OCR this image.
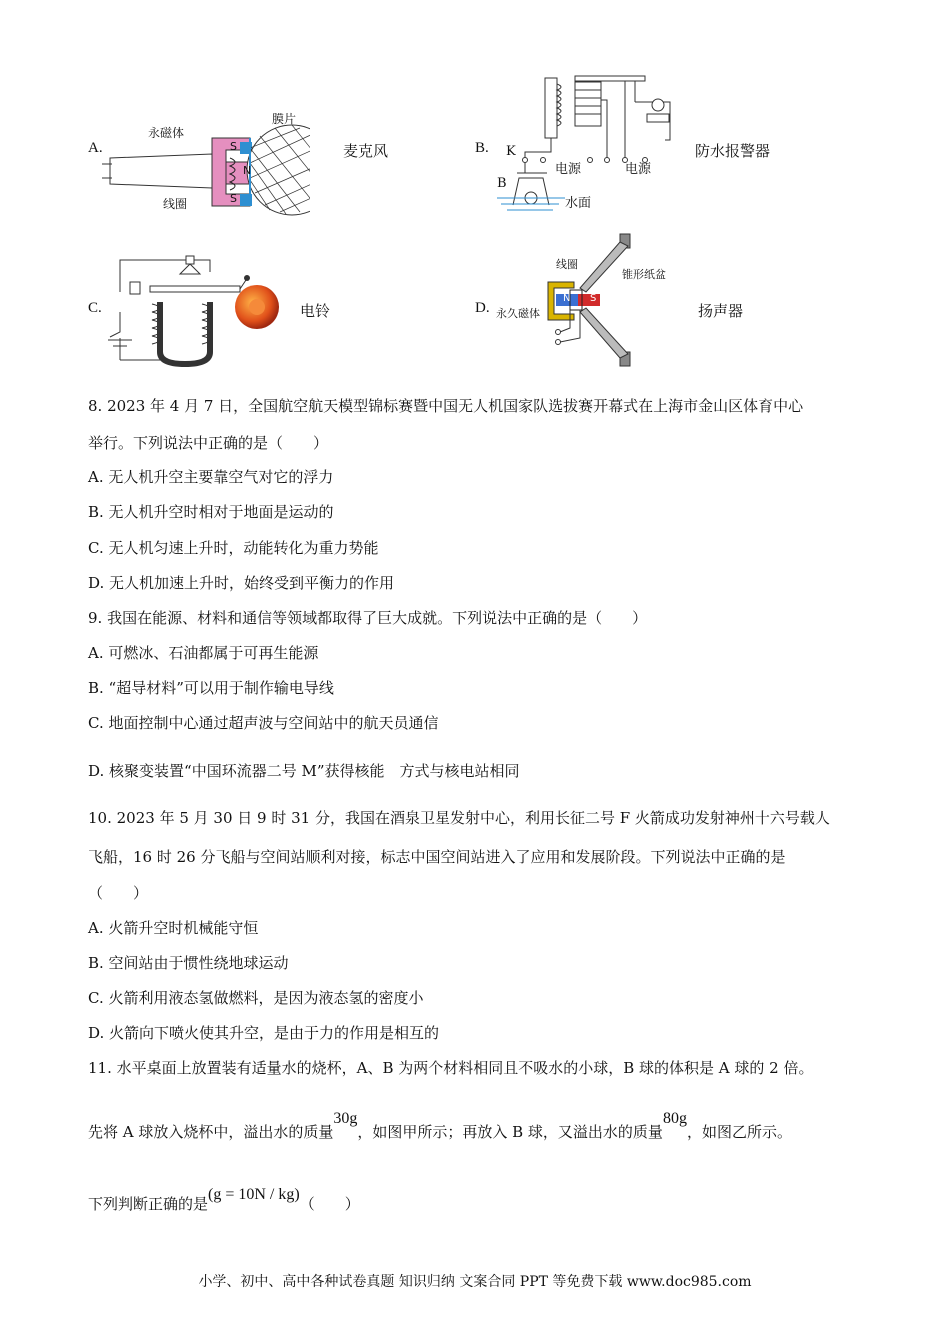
A.
永磁体
膜片
线圈
S
N
S
麦克风	B. K
B
电源	电源
水面
防水报警器
C.	电铃	D.
线圈
锥形纸盆
永久磁体
N S
扬声器
8. 2023 年 4 月 7 日，全国航空航天模型锦标赛暨中国无人机国家队选拔赛开幕式在上海市金山区体育中心
举行。下列说法中正确的是（　　）
A. 无人机升空主要靠空气对它的浮力
B. 无人机升空时相对于地面是运动的
C. 无人机匀速上升时，动能转化为重力势能
D. 无人机加速上升时，始终受到平衡力的作用
9. 我国在能源、材料和通信等领域都取得了巨大成就。下列说法中正确的是（　　）
A. 可燃冰、石油都属于可再生能源
B. “超导材料”可以用于制作输电导线
C. 地面控制中心通过超声波与空间站中的航天员通信
D. 核聚变装置“中国环流器二号 M”获得核能　方式与核电站相同
10. 2023 年 5 月 30 日 9 时 31 分，我国在酒泉卫星发射中心，利用长征二号 F 火箭成功发射神州十六号载人
飞船，16 时 26 分飞船与空间站顺利对接，标志中国空间站进入了应用和发展阶段。下列说法中正确的是
（　　）
A. 火箭升空时机械能守恒
B. 空间站由于惯性绕地球运动
C. 火箭利用液态氢做燃料，是因为液态氢的密度小
D. 火箭向下喷火使其升空，是由于力的作用是相互的
11. 水平桌面上放置装有适量水的烧杯，A、B 为两个材料相同且不吸水的小球，B 球的体积是 A 球的 2 倍。
先将 A 球放入烧杯中，溢出水的质量30g，如图甲所示；再放入 B 球，又溢出水的质量80g，如图乙所示。
下列判断正确的是(g = 10N / kg)（　　）
小学、初中、高中各种试卷真题 知识归纳 文案合同 PPT 等免费下载 www.doc985.com
